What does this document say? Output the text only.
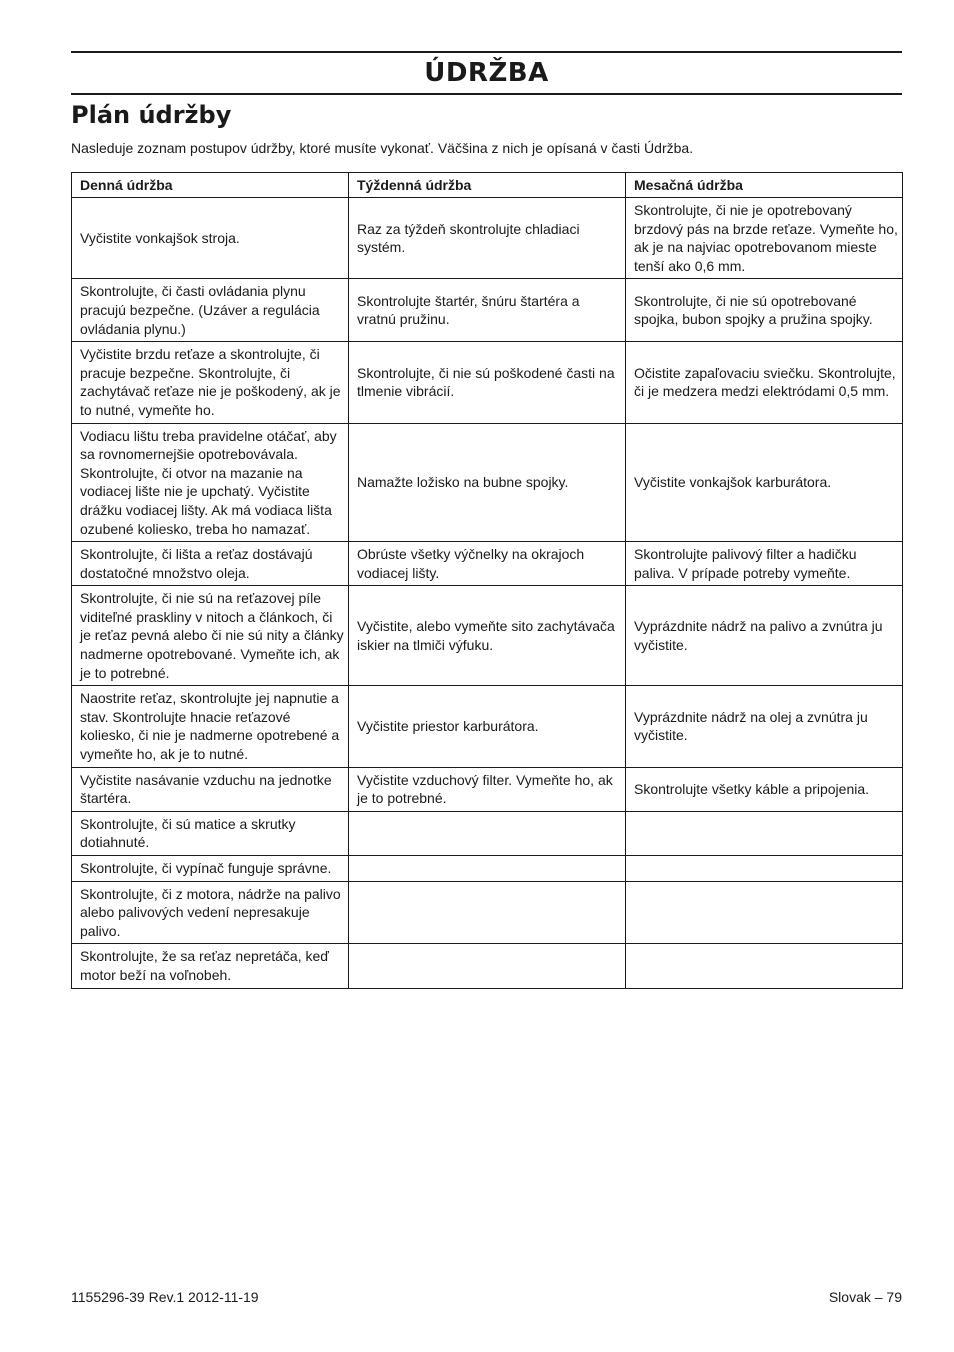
ÚDRŽBA
Plán údržby
Nasleduje zoznam postupov údržby, ktoré musíte vykonať. Väčšina z nich je opísaná v časti Údržba.
Denná údržba	Týždenná údržba	Mesačná údržba
Vyčistite vonkajšok stroja.	Raz za týždeň skontrolujte chladiaci systém.	Skontrolujte, či nie je opotrebovaný brzdový pás na brzde reťaze. Vymeňte ho, ak je na najviac opotrebovanom mieste tenší ako 0,6 mm.
Skontrolujte, či časti ovládania plynu pracujú bezpečne. (Uzáver a regulácia ovládania plynu.)	Skontrolujte štartér, šnúru štartéra a vratnú pružinu.	Skontrolujte, či nie sú opotrebované spojka, bubon spojky a pružina spojky.
Vyčistite brzdu reťaze a skontrolujte, či pracuje bezpečne. Skontrolujte, či zachytávač reťaze nie je poškodený, ak je to nutné, vymeňte ho.	Skontrolujte, či nie sú poškodené časti na tlmenie vibrácií.	Očistite zapaľovaciu sviečku. Skontrolujte, či je medzera medzi elektródami 0,5 mm.
Vodiacu lištu treba pravidelne otáčať, aby sa rovnomernejšie opotrebovávala. Skontrolujte, či otvor na mazanie na vodiacej lište nie je upchatý. Vyčistite drážku vodiacej lišty. Ak má vodiaca lišta ozubené koliesko, treba ho namazať.	Namažte ložisko na bubne spojky.	Vyčistite vonkajšok karburátora.
Skontrolujte, či lišta a reťaz dostávajú dostatočné množstvo oleja.	Obrúste všetky výčnelky na okrajoch vodiacej lišty.	Skontrolujte palivový filter a hadičku paliva. V prípade potreby vymeňte.
Skontrolujte, či nie sú na reťazovej píle viditeľné praskliny v nitoch a článkoch, či je reťaz pevná alebo či nie sú nity a články nadmerne opotrebované. Vymeňte ich, ak je to potrebné.	Vyčistite, alebo vymeňte sito zachytávača iskier na tlmiči výfuku.	Vyprázdnite nádrž na palivo a zvnútra ju vyčistite.
Naostrite reťaz, skontrolujte jej napnutie a stav. Skontrolujte hnacie reťazové koliesko, či nie je nadmerne opotrebené a vymeňte ho, ak je to nutné.	Vyčistite priestor karburátora.	Vyprázdnite nádrž na olej a zvnútra ju vyčistite.
Vyčistite nasávanie vzduchu na jednotke štartéra.	Vyčistite vzduchový filter. Vymeňte ho, ak je to potrebné.	Skontrolujte všetky káble a pripojenia.
Skontrolujte, či sú matice a skrutky dotiahnuté.		
Skontrolujte, či vypínač funguje správne.		
Skontrolujte, či z motora, nádrže na palivo alebo palivových vedení nepresakuje palivo.		
Skontrolujte, že sa reťaz nepretáča, keď motor beží na voľnobeh.		
1155296-39 Rev.1 2012-11-19	Slovak – 79
